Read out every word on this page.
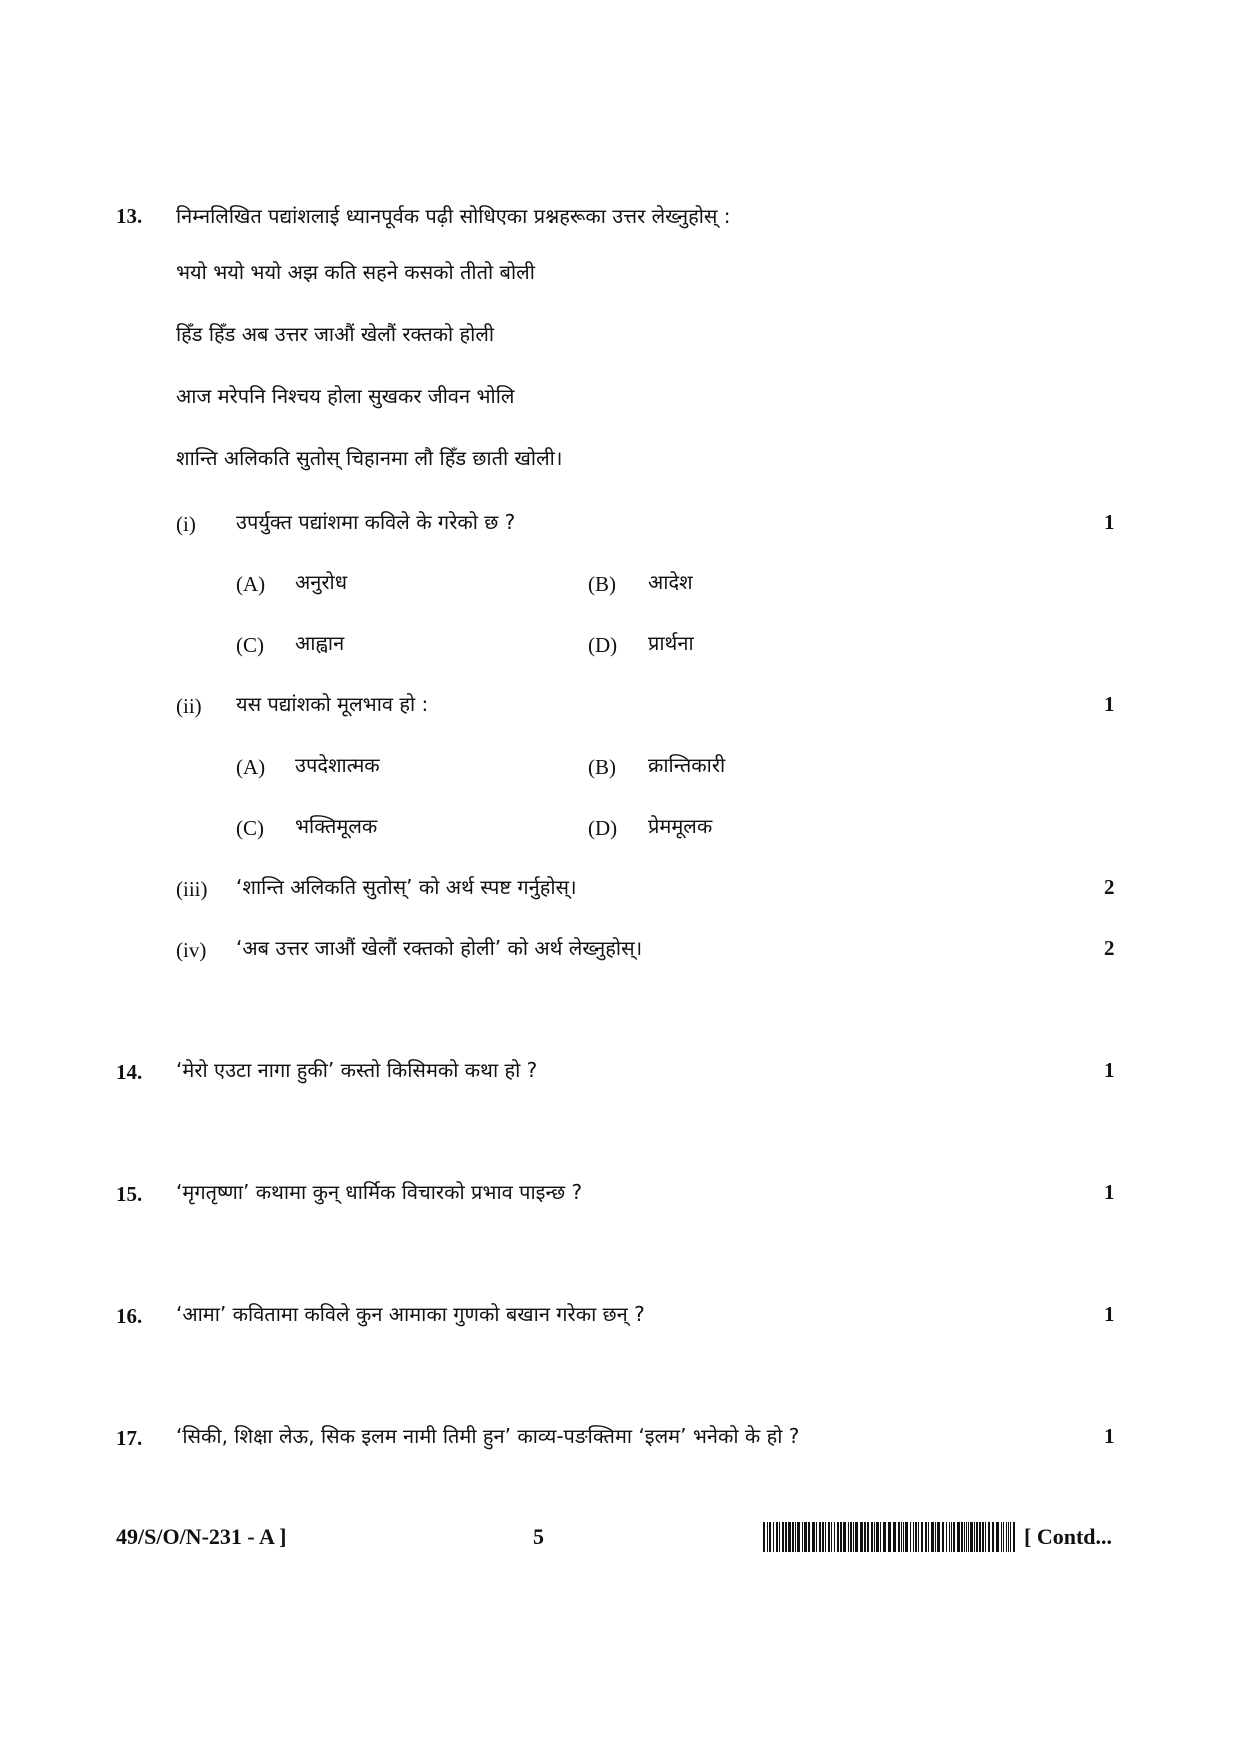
13. निम्नलिखित पद्यांशलाई ध्यानपूर्वक पढ़ी सोधिएका प्रश्नहरूका उत्तर लेख्नुहोस् :
भयो भयो भयो अझ कति सहने कसको तीतो बोली
हिँड हिँड अब उत्तर जाऔं खेलौं रक्तको होली
आज मरेपनि निश्चय होला सुखकर जीवन भोलि
शान्ति अलिकति सुतोस् चिहानमा लौ हिँड छाती खोली।
(i) उपर्युक्त पद्यांशमा कविले के गरेको छ ?	1
(A) अनुरोध	(B) आदेश
(C) आह्वान	(D) प्रार्थना
(ii) यस पद्यांशको मूलभाव हो :	1
(A) उपदेशात्मक	(B) क्रान्तिकारी
(C) भक्तिमूलक	(D) प्रेममूलक
(iii) ‘शान्ति अलिकति सुतोस्’ को अर्थ स्पष्ट गर्नुहोस्।	2
(iv) ‘अब उत्तर जाऔं खेलौं रक्तको होली’ को अर्थ लेख्नुहोस्।	2
14. ‘मेरो एउटा नागा हुकी’ कस्तो किसिमको कथा हो ?	1
15. ‘मृगतृष्णा’ कथामा कुन् धार्मिक विचारको प्रभाव पाइन्छ ?	1
16. ‘आमा’ कवितामा कविले कुन आमाका गुणको बखान गरेका छन् ?	1
17. ‘सिकी, शिक्षा लेऊ, सिक इलम नामी तिमी हुन’ काव्य-पङक्तिमा ‘इलम’ भनेको के हो ?	1
49/S/O/N-231 - A ]	5	[ Contd...
